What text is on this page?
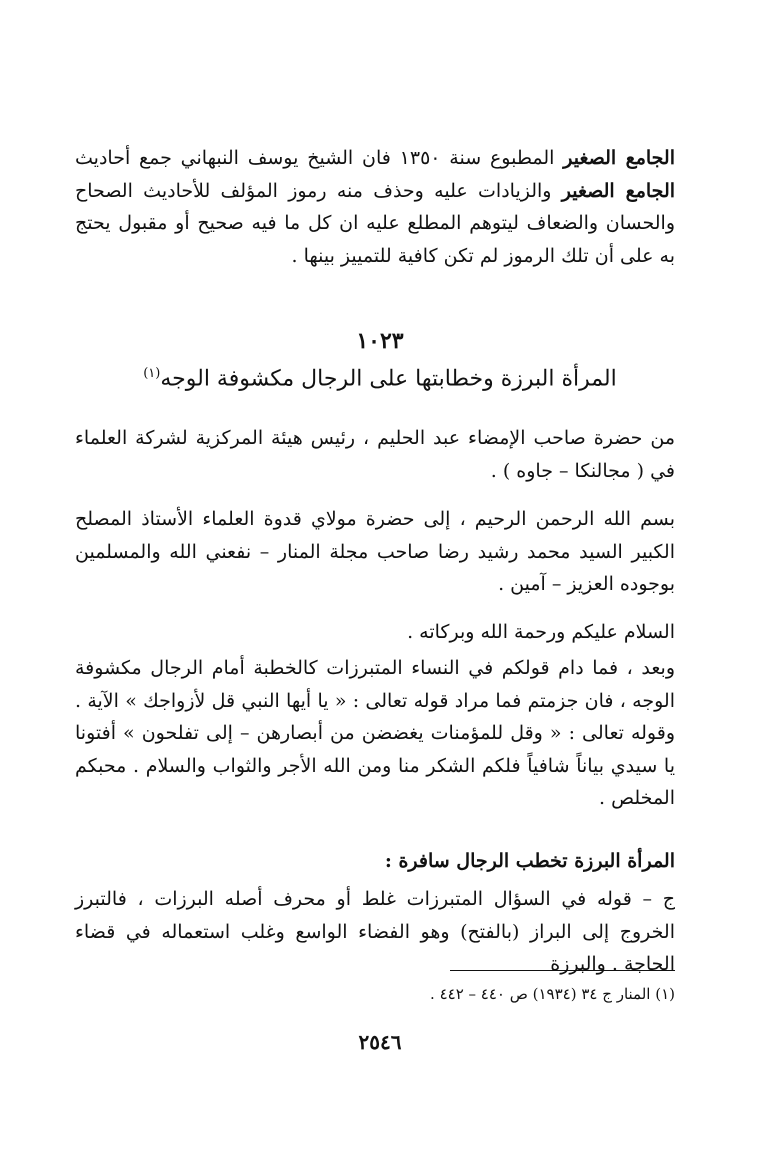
الجامع الصغير المطبوع سنة ١٣٥٠ فان الشيخ يوسف النبهاني جمع أحاديث الجامع الصغير والزيادات عليه وحذف منه رموز المؤلف للأحاديث الصحاح والحسان والضعاف ليتوهم المطلع عليه ان كل ما فيه صحيح أو مقبول يحتج به على أن تلك الرموز لم تكن كافية للتمييز بينها .
١٠٢٣
المرأة البرزة وخطابتها على الرجال مكشوفة الوجه$^{(١)}$
من حضرة صاحب الإمضاء عبد الحليم ، رئيس هيئة المركزية لشركة العلماء في ( مجالنكا – جاوه ) .
بسم الله الرحمن الرحيم ، إلى حضرة مولاي قدوة العلماء الأستاذ المصلح الكبير السيد محمد رشيد رضا صاحب مجلة المنار – نفعني الله والمسلمين بوجوده العزيز – آمين .
السلام عليكم ورحمة الله وبركاته .
وبعد ، فما دام قولكم في النساء المتبرزات كالخطبة أمام الرجال مكشوفة الوجه ، فان جزمتم فما مراد قوله تعالى : « يا أيها النبي قل لأزواجك » الآية . وقوله تعالى : « وقل للمؤمنات يغضضن من أبصارهن – إلى تفلحون » أفتونا يا سيدي بياناً شافياً فلكم الشكر منا ومن الله الأجر والثواب والسلام . محبكم المخلص .
المرأة البرزة تخطب الرجال سافرة :
ج – قوله في السؤال المتبرزات غلط أو محرف أصله البرزات ، فالتبرز الخروج إلى البراز (بالفتح) وهو الفضاء الواسع وغلب استعماله في قضاء الحاجة . والبرزة
(١) المنار ج ٣٤ (١٩٣٤) ص ٤٤٠ – ٤٤٢ .
٢٥٤٦
